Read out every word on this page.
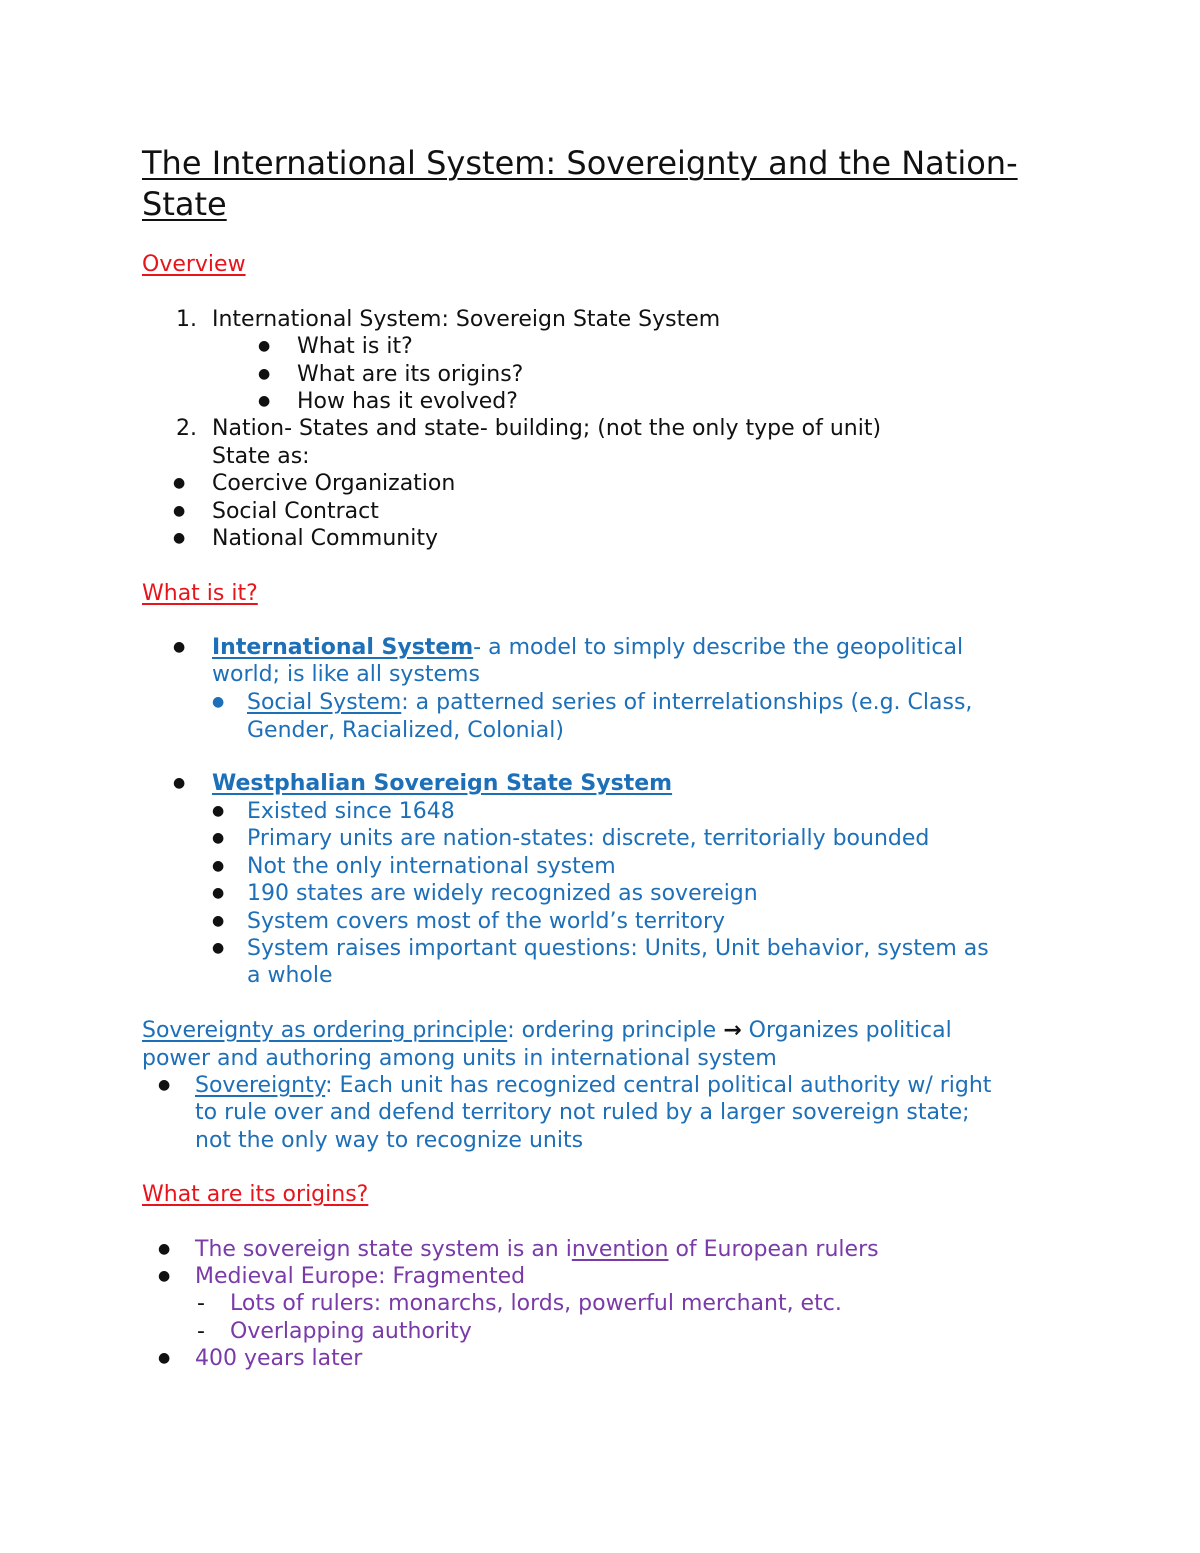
The International System: Sovereignty and the Nation-State
Overview
1. International System: Sovereign State System
● What is it?
● What are its origins?
● How has it evolved?
2. Nation- States and state- building; (not the only type of unit)
State as:
● Coercive Organization
● Social Contract
● National Community
What is it?
● International System- a model to simply describe the geopolitical
world; is like all systems
● Social System: a patterned series of interrelationships (e.g. Class,
Gender, Racialized, Colonial)
● Westphalian Sovereign State System
● Existed since 1648
● Primary units are nation-states: discrete, territorially bounded
● Not the only international system
● 190 states are widely recognized as sovereign
● System covers most of the world’s territory
● System raises important questions: Units, Unit behavior, system as
a whole
Sovereignty as ordering principle: ordering principle → Organizes political
power and authoring among units in international system
● Sovereignty: Each unit has recognized central political authority w/ right
to rule over and defend territory not ruled by a larger sovereign state;
not the only way to recognize units
What are its origins?
● The sovereign state system is an invention of European rulers
● Medieval Europe: Fragmented
- Lots of rulers: monarchs, lords, powerful merchant, etc.
- Overlapping authority
● 400 years later
